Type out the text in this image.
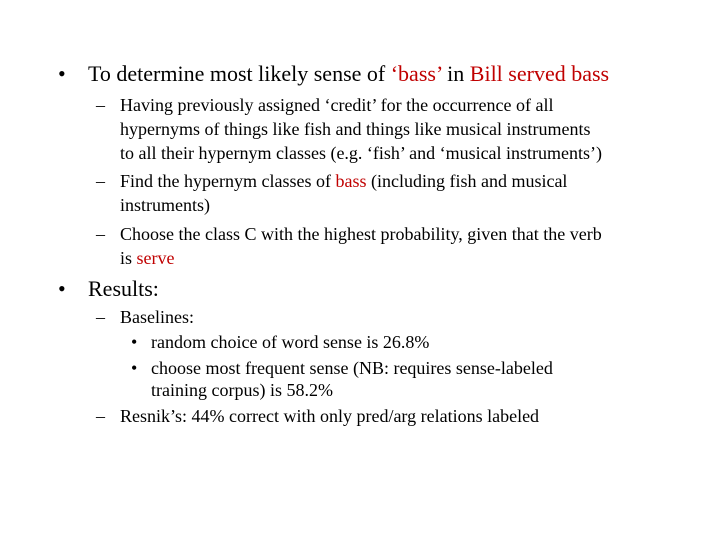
• To determine most likely sense of ‘bass’ in Bill served bass
– Having previously assigned ‘credit’ for the occurrence of all
hypernyms of things like fish and things like musical instruments
to all their hypernym classes (e.g. ‘fish’ and ‘musical instruments’)
– Find the hypernym classes of bass (including fish and musical
instruments)
– Choose the class C with the highest probability, given that the verb
is serve
• Results:
– Baselines:
• random choice of word sense is 26.8%
• choose most frequent sense (NB: requires sense-labeled
training corpus) is 58.2%
– Resnik’s: 44% correct with only pred/arg relations labeled
